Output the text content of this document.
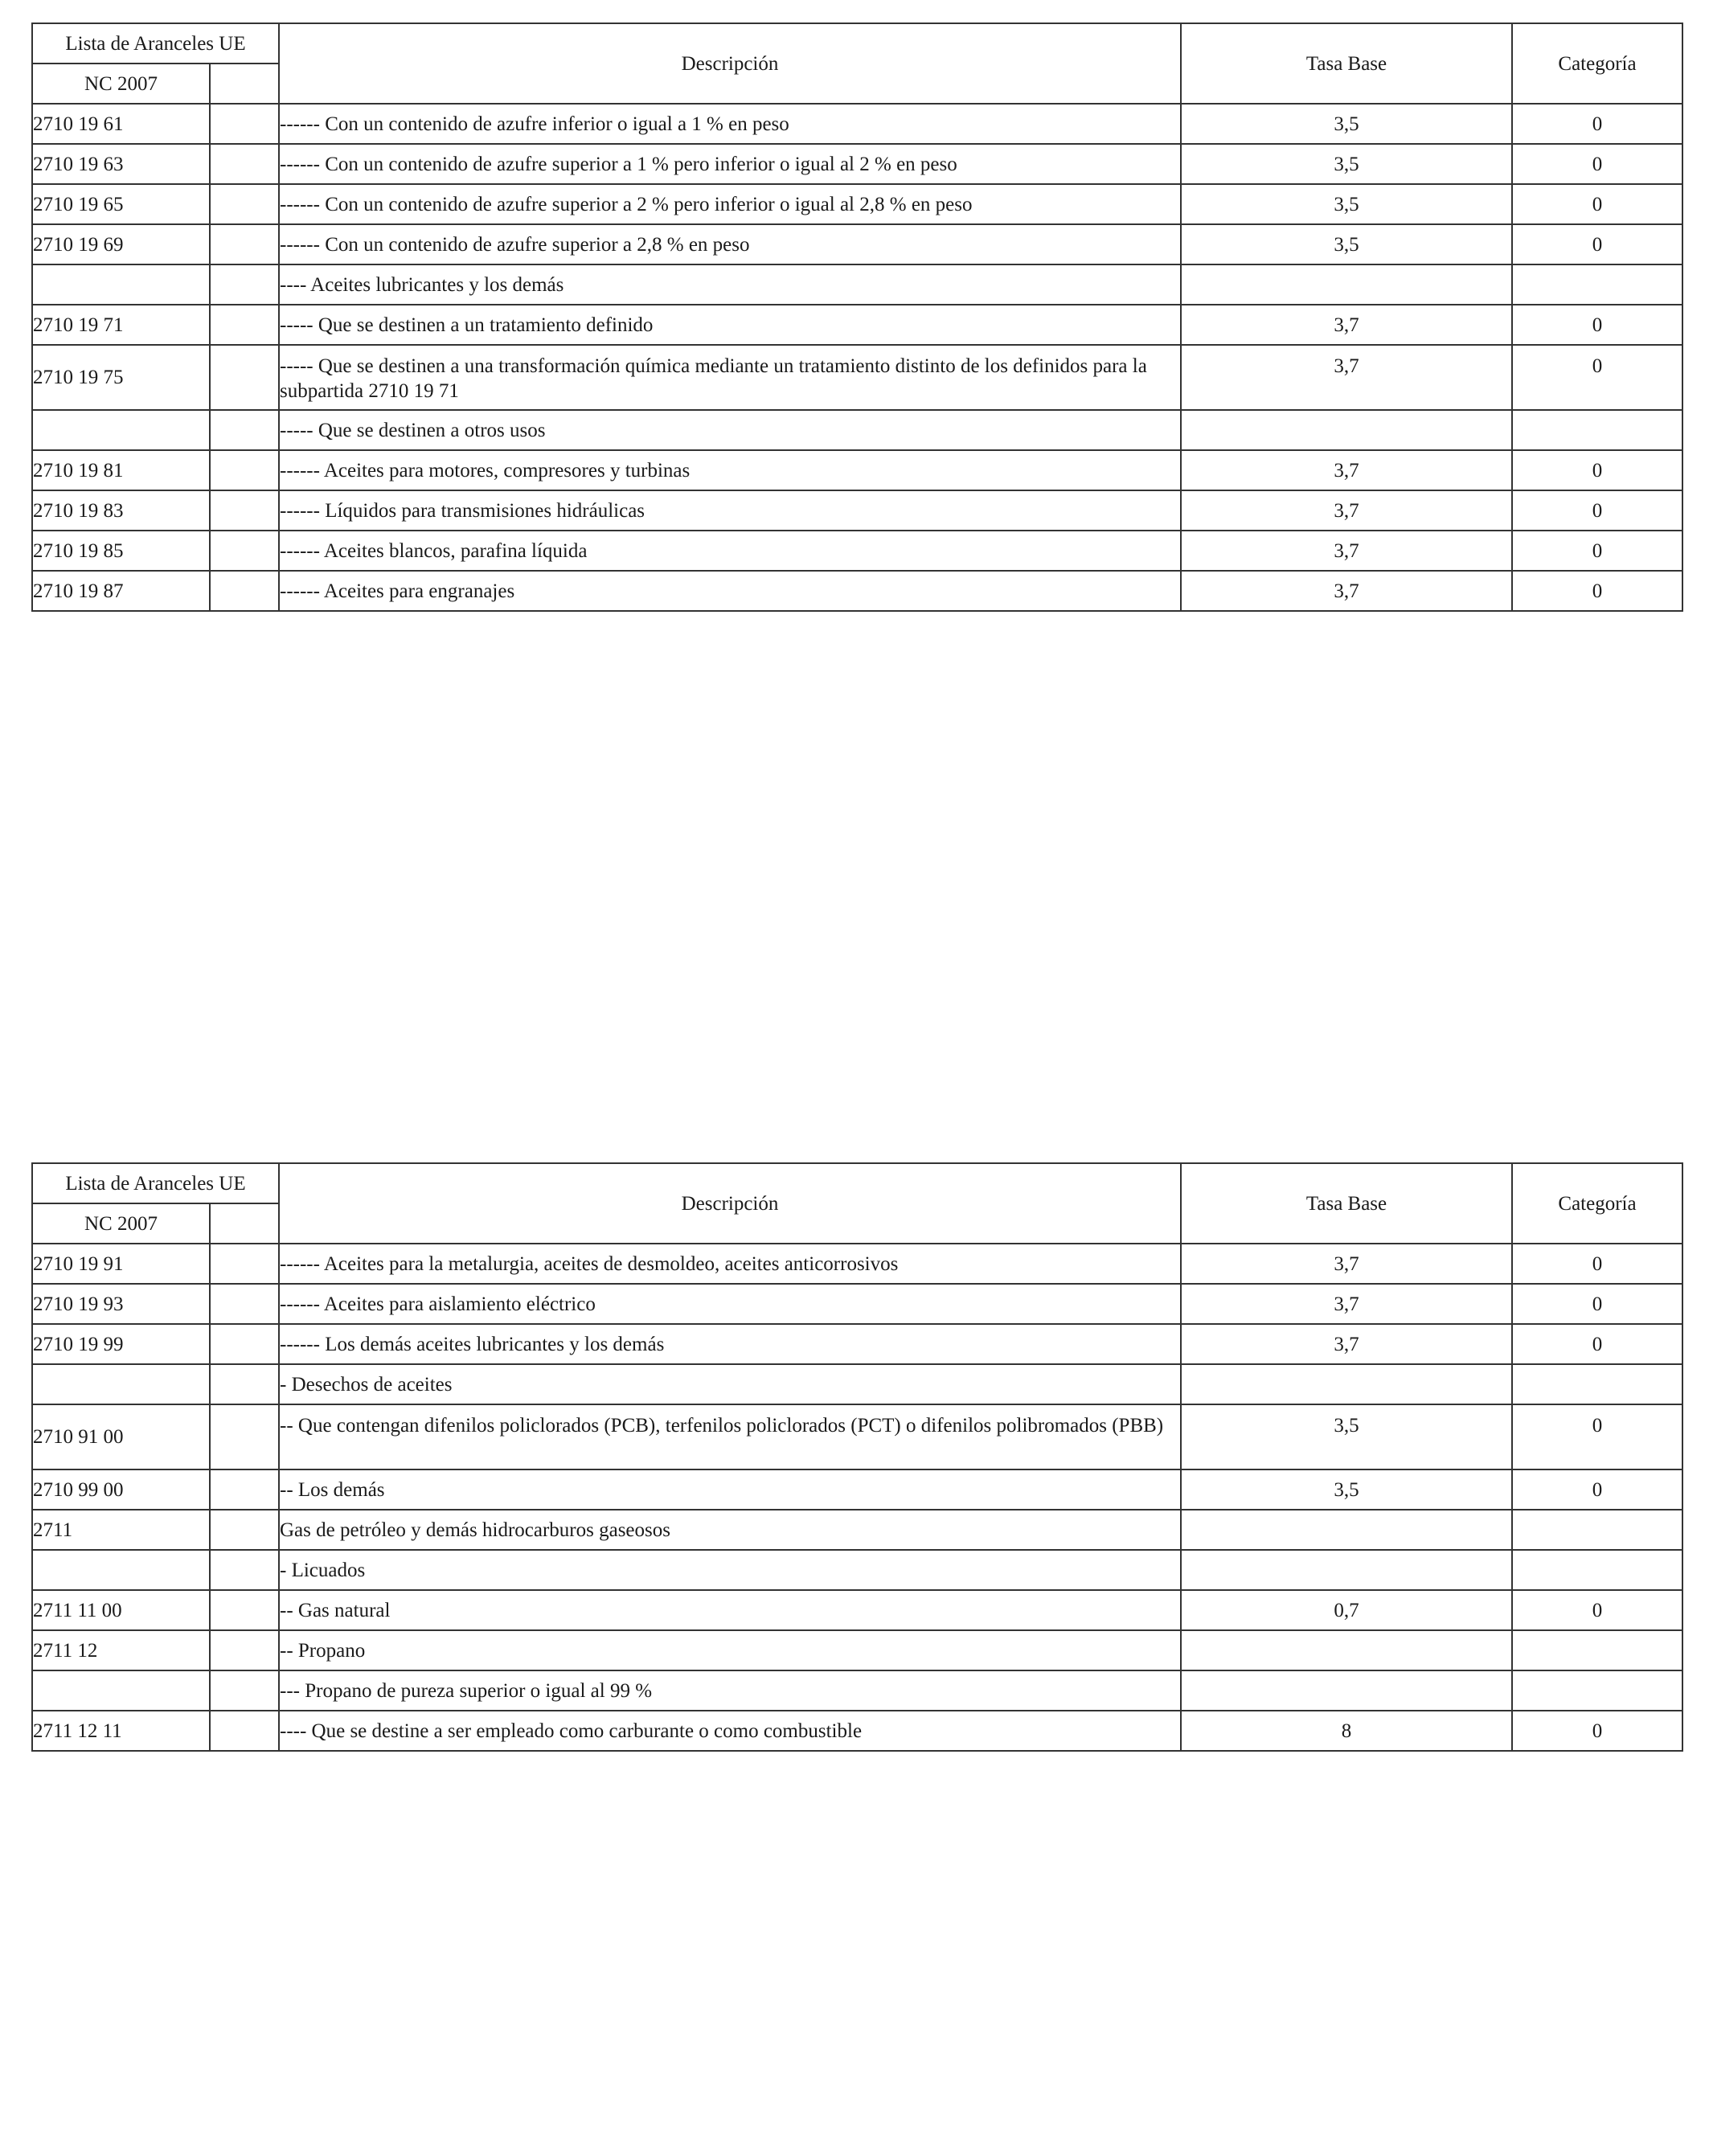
Lista de Aranceles UE		Descripción	Tasa Base	Categoría
NC 2007				
2710 19 61		------ Con un contenido de azufre inferior o igual a 1 % en peso	3,5	0
2710 19 63		------ Con un contenido de azufre superior a 1 % pero inferior o igual al 2 % en peso	3,5	0
2710 19 65		------ Con un contenido de azufre superior a 2 % pero inferior o igual al 2,8 % en peso	3,5	0
2710 19 69		------ Con un contenido de azufre superior a 2,8 % en peso	3,5	0
		---- Aceites lubricantes y los demás		
2710 19 71		----- Que se destinen a un tratamiento definido	3,7	0
2710 19 75		----- Que se destinen a una transformación química mediante un tratamiento distinto de los definidos para la subpartida 2710 19 71	3,7	0
		----- Que se destinen a otros usos		
2710 19 81		------ Aceites para motores, compresores y turbinas	3,7	0
2710 19 83		------ Líquidos para transmisiones hidráulicas	3,7	0
2710 19 85		------ Aceites blancos, parafina líquida	3,7	0
2710 19 87		------ Aceites para engranajes	3,7	0
Lista de Aranceles UE		Descripción	Tasa Base	Categoría
NC 2007				
2710 19 91		------ Aceites para la metalurgia, aceites de desmoldeo, aceites anticorrosivos	3,7	0
2710 19 93		------ Aceites para aislamiento eléctrico	3,7	0
2710 19 99		------ Los demás aceites lubricantes y los demás	3,7	0
		- Desechos de aceites		
2710 91 00		-- Que contengan difenilos policlorados (PCB), terfenilos policlorados (PCT) o difenilos polibromados (PBB)	3,5	0
2710 99 00		-- Los demás	3,5	0
2711		Gas de petróleo y demás hidrocarburos gaseosos		
		- Licuados		
2711 11 00		-- Gas natural	0,7	0
2711 12		-- Propano		
		--- Propano de pureza superior o igual al 99 %		
2711 12 11		---- Que se destine a ser empleado como carburante o como combustible	8	0
